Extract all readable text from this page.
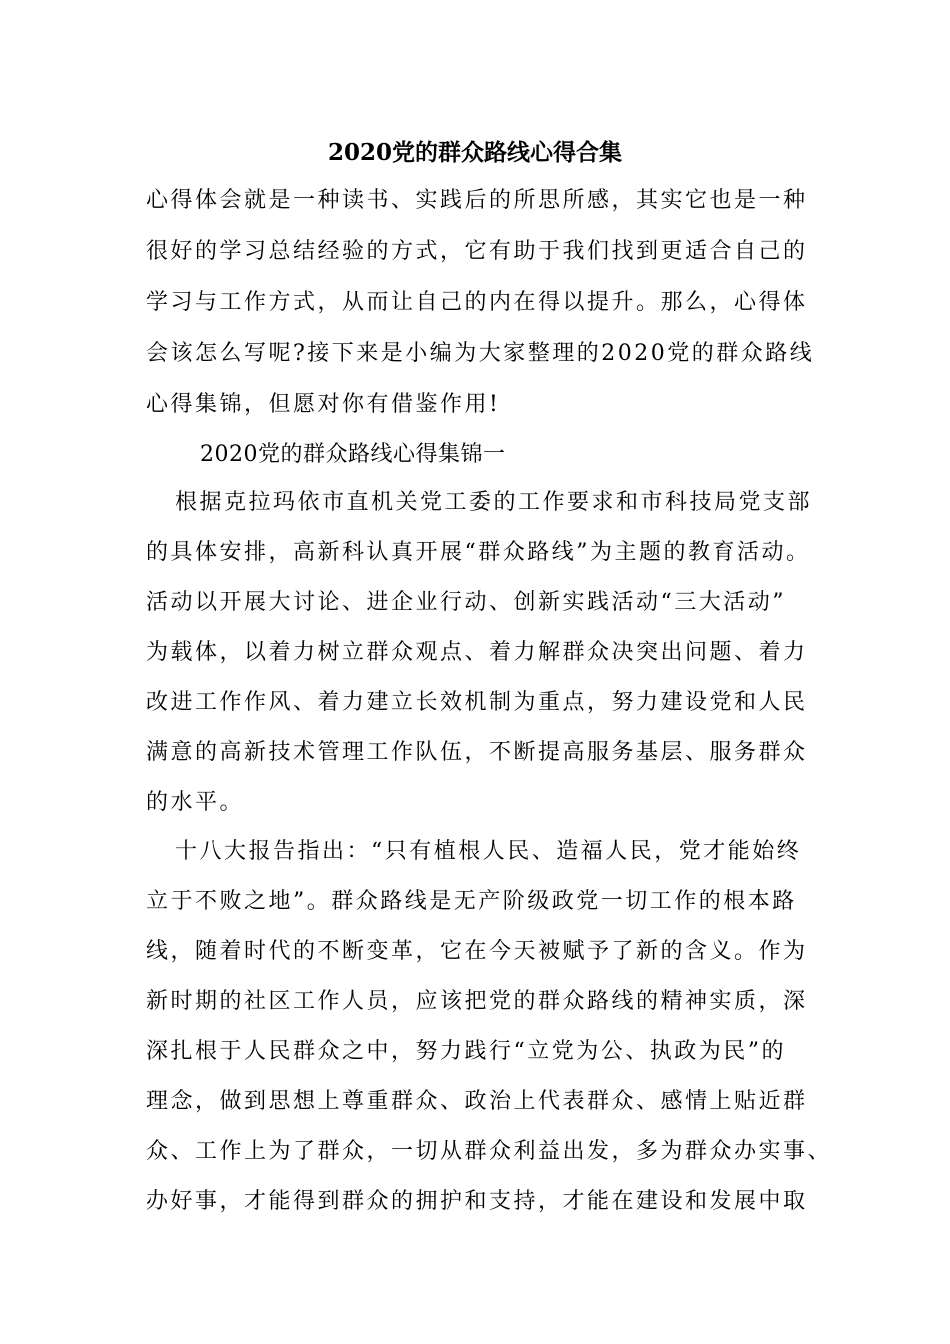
2020党的群众路线心得合集
心得体会就是一种读书、实践后的所思所感，其实它也是一种
很好的学习总结经验的方式，它有助于我们找到更适合自己的
学习与工作方式，从而让自己的内在得以提升。那么，心得体
会该怎么写呢?接下来是小编为大家整理的2020党的群众路线
心得集锦，但愿对你有借鉴作用!
2020党的群众路线心得集锦一
根据克拉玛依市直机关党工委的工作要求和市科技局党支部
的具体安排，高新科认真开展“群众路线”为主题的教育活动。
活动以开展大讨论、进企业行动、创新实践活动“三大活动”
为载体，以着力树立群众观点、着力解群众决突出问题、着力
改进工作作风、着力建立长效机制为重点，努力建设党和人民
满意的高新技术管理工作队伍，不断提高服务基层、服务群众
的水平。
十八大报告指出：“只有植根人民、造福人民，党才能始终
立于不败之地”。群众路线是无产阶级政党一切工作的根本路
线，随着时代的不断变革，它在今天被赋予了新的含义。作为
新时期的社区工作人员，应该把党的群众路线的精神实质，深
深扎根于人民群众之中，努力践行“立党为公、执政为民”的
理念，做到思想上尊重群众、政治上代表群众、感情上贴近群
众、工作上为了群众，一切从群众利益出发，多为群众办实事、
办好事，才能得到群众的拥护和支持，才能在建设和发展中取
